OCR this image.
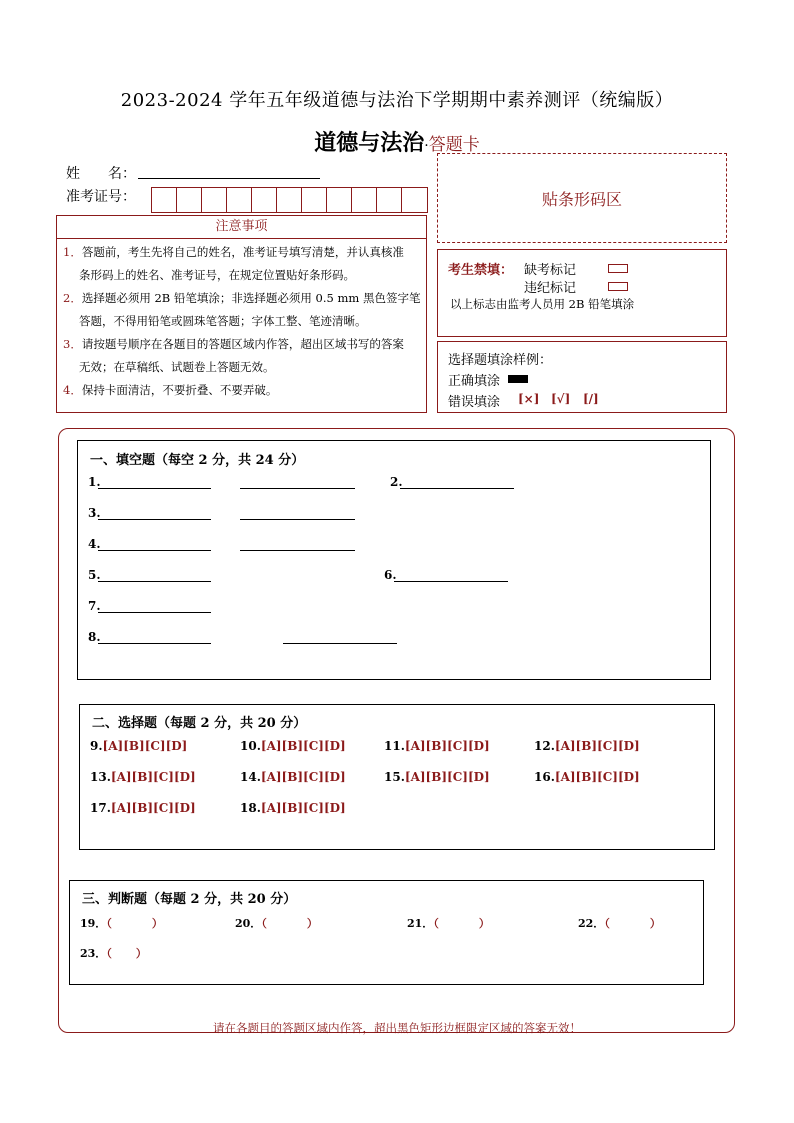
2023-2024 学年五年级道德与法治下学期期中素养测评（统编版）
道德与法治·答题卡
姓　　名：
准考证号：	贴条形码区
注意事项
1．答题前，考生先将自己的姓名，准考证号填写清楚，并认真核准
条形码上的姓名、准考证号，在规定位置贴好条形码。
2．选择题必须用 2B 铅笔填涂；非选择题必须用 0.5 mm 黑色签字笔
答题，不得用铅笔或圆珠笔答题；字体工整、笔迹清晰。
3．请按题号顺序在各题目的答题区域内作答，超出区域书写的答案
无效；在草稿纸、试题卷上答题无效。
4．保持卡面清洁，不要折叠、不要弄破。
考生禁填： 缺考标记
违纪标记
以上标志由监考人员用 2B 铅笔填涂
选择题填涂样例：
正确填涂
错误填涂 [×] [√] [/]
一、填空题（每空 2 分，共 24 分）
1.	2.
3.
4.
5.	6.
7.
8.
二、选择题（每题 2 分，共 20 分）
9.[A][B][C][D]	10.[A][B][C][D]	11.[A][B][C][D]	12.[A][B][C][D]
13.[A][B][C][D]	14.[A][B][C][D]	15.[A][B][C][D]	16.[A][B][C][D]
17.[A][B][C][D]	18.[A][B][C][D]
三、判断题（每题 2 分，共 20 分）
19．（	）	20．（	）	21．（	）	22．（	）
23．（ ）
请在各题目的答题区域内作答，超出黑色矩形边框限定区域的答案无效！
